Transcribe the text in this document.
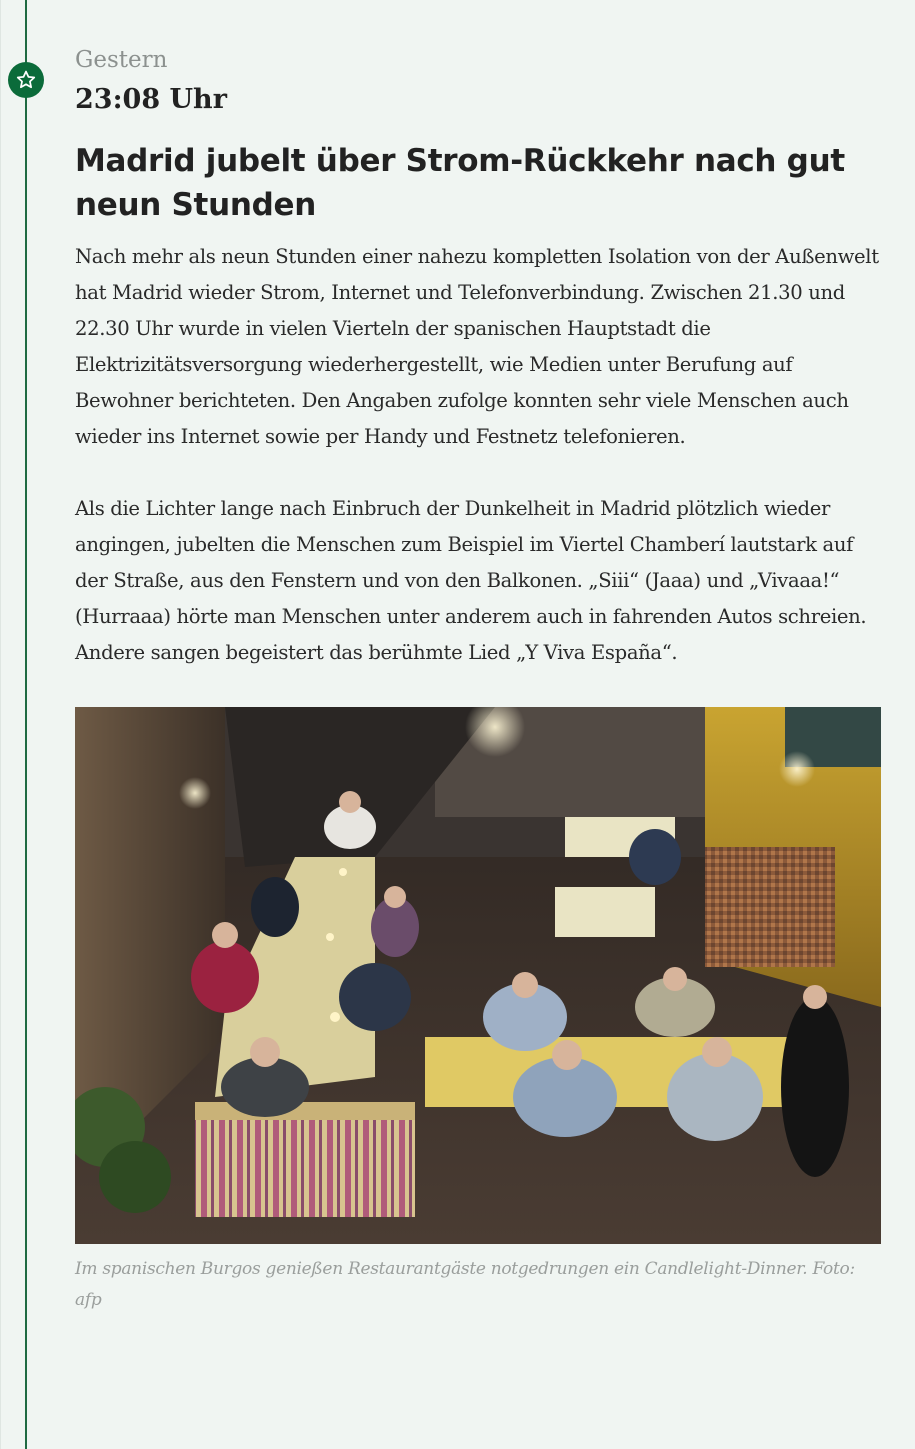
Gestern
23:08 Uhr
Madrid jubelt über Strom-Rückkehr nach gut neun Stunden

Nach mehr als neun Stunden einer nahezu kompletten Isolation von der Außenwelt hat Madrid wieder Strom, Internet und Telefonverbindung. Zwischen 21.30 und 22.30 Uhr wurde in vielen Vierteln der spanischen Hauptstadt die Elektrizitätsversorgung wiederhergestellt, wie Medien unter Berufung auf Bewohner berichteten. Den Angaben zufolge konnten sehr viele Menschen auch wieder ins Internet sowie per Handy und Festnetz telefonieren.

Als die Lichter lange nach Einbruch der Dunkelheit in Madrid plötzlich wieder angingen, jubelten die Menschen zum Beispiel im Viertel Chamberí lautstark auf der Straße, aus den Fenstern und von den Balkonen. „Siii“ (Jaaa) und „Vivaaa!“ (Hurraaa) hörte man Menschen unter anderem auch in fahrenden Autos schreien. Andere sangen begeistert das berühmte Lied „Y Viva España“.

Im spanischen Burgos genießen Restaurantgäste notgedrungen ein Candlelight-Dinner. Foto: afp
